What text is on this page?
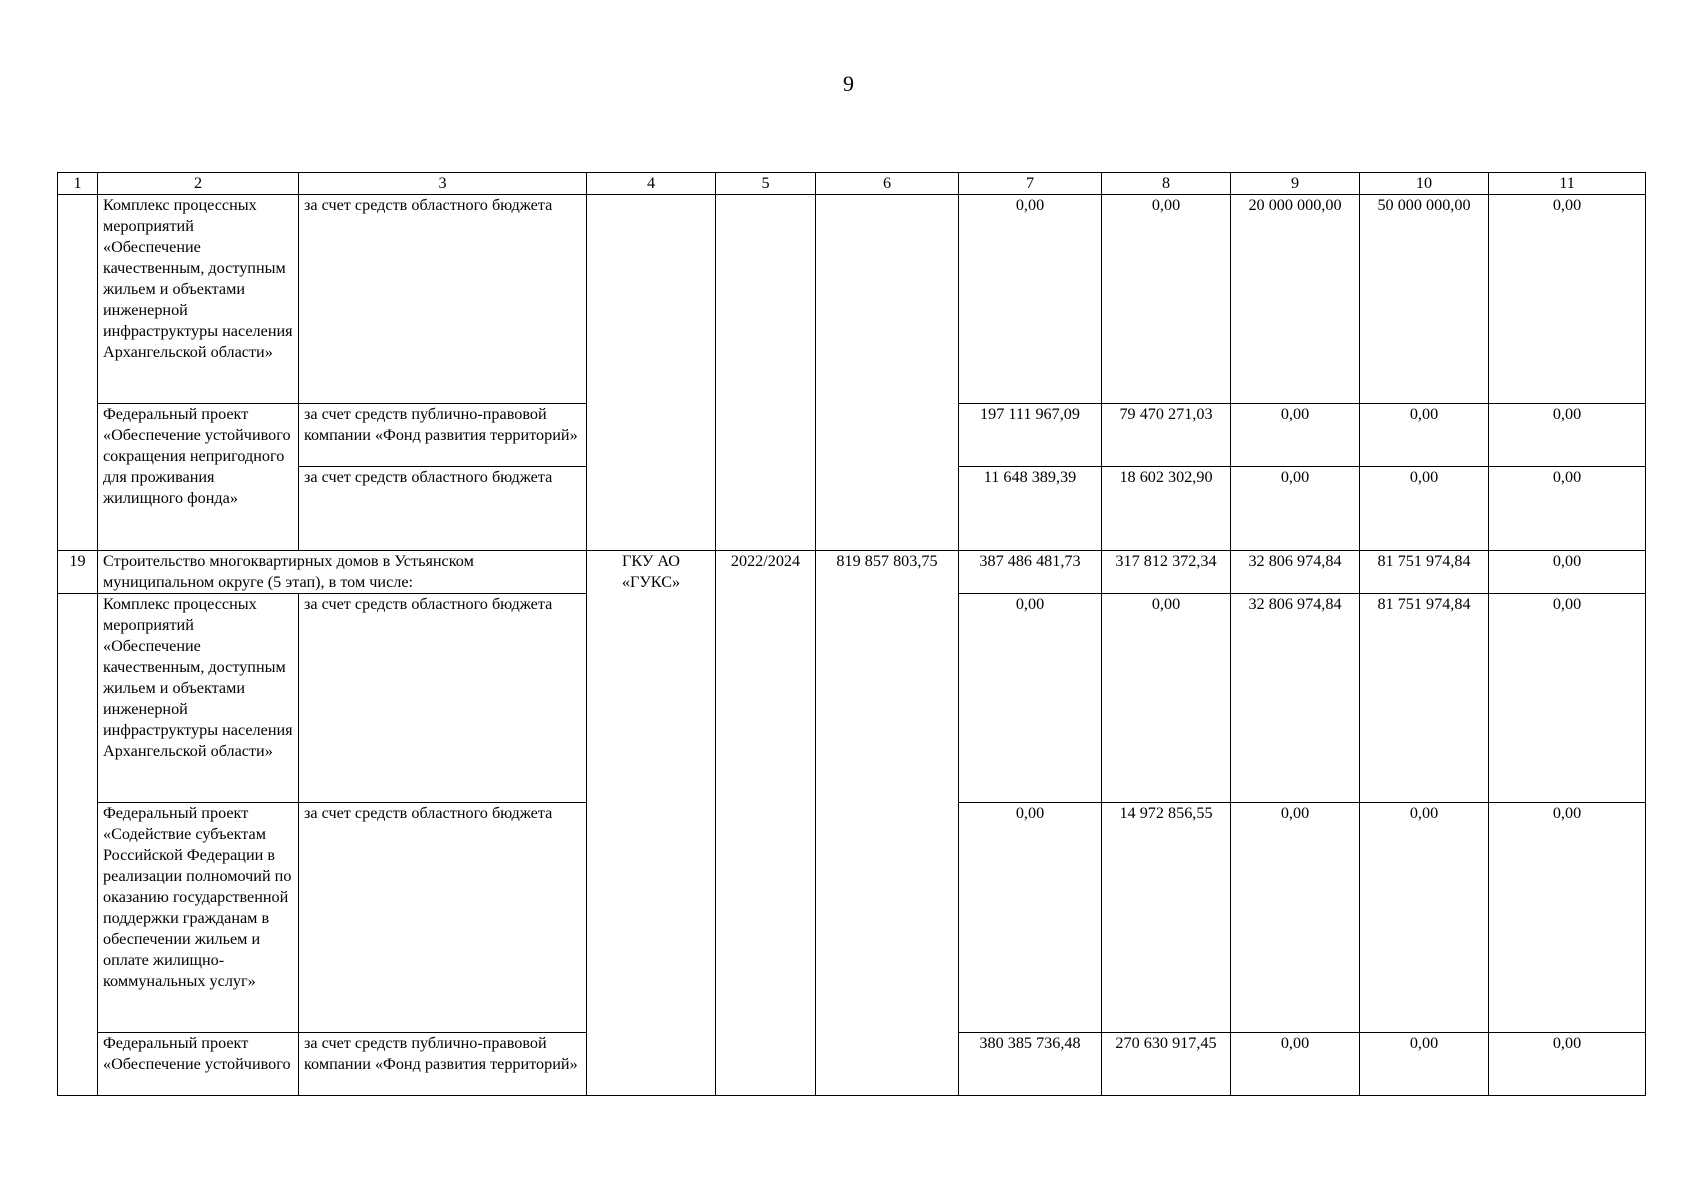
9
1	2	3	4	5	6	7	8	9	10	11
	Комплекс процессных мероприятий «Обеспечение качественным, доступным жильем и объектами инженерной инфраструктуры населения Архангельской области»	за счет средств областного бюджета				0,00	0,00	20 000 000,00	50 000 000,00	0,00
	Федеральный проект «Обеспечение устойчивого сокращения непригодного для проживания жилищного фонда»	за счет средств публично-правовой компании «Фонд развития территорий»				197 111 967,09	79 470 271,03	0,00	0,00	0,00
		за счет средств областного бюджета				11 648 389,39	18 602 302,90	0,00	0,00	0,00
19	Строительство многоквартирных домов в Устьянском муниципальном округе (5 этап), в том числе:		ГКУ АО «ГУКС»	2022/2024	819 857 803,75	387 486 481,73	317 812 372,34	32 806 974,84	81 751 974,84	0,00
	Комплекс процессных мероприятий «Обеспечение качественным, доступным жильем и объектами инженерной инфраструктуры населения Архангельской области»	за счет средств областного бюджета				0,00	0,00	32 806 974,84	81 751 974,84	0,00
	Федеральный проект «Содействие субъектам Российской Федерации в реализации полномочий по оказанию государственной поддержки гражданам в обеспечении жильем и оплате жилищно-коммунальных услуг»	за счет средств областного бюджета				0,00	14 972 856,55	0,00	0,00	0,00
	Федеральный проект «Обеспечение устойчивого	за счет средств публично-правовой компании «Фонд развития территорий»				380 385 736,48	270 630 917,45	0,00	0,00	0,00
